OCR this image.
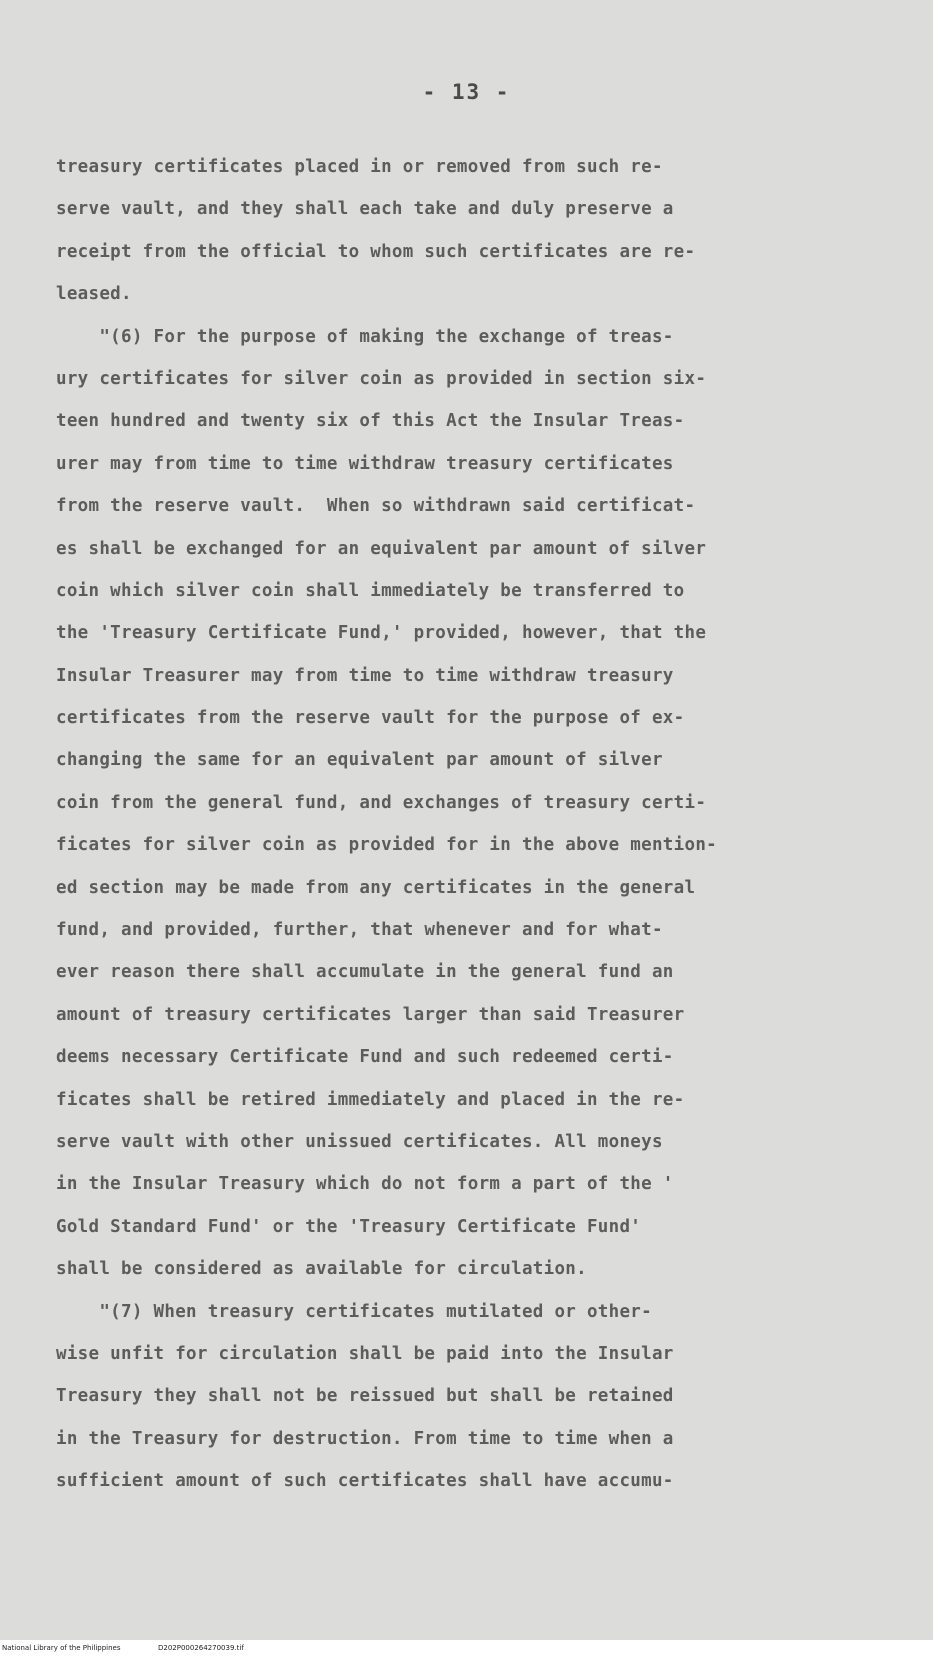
- 13 -
treasury certificates placed in or removed from such re-
serve vault, and they shall each take and duly preserve a
receipt from the official to whom such certificates are re-
leased.
"(6) For the purpose of making the exchange of treas-
ury certificates for silver coin as provided in section six-
teen hundred and twenty six of this Act the Insular Treas-
urer may from time to time withdraw treasury certificates
from the reserve vault.  When so withdrawn said certificat-
es shall be exchanged for an equivalent par amount of silver
coin which silver coin shall immediately be transferred to
the 'Treasury Certificate Fund,' provided, however, that the
Insular Treasurer may from time to time withdraw treasury
certificates from the reserve vault for the purpose of ex-
changing the same for an equivalent par amount of silver
coin from the general fund, and exchanges of treasury certi-
ficates for silver coin as provided for in the above mention-
ed section may be made from any certificates in the general
fund, and provided, further, that whenever and for what-
ever reason there shall accumulate in the general fund an
amount of treasury certificates larger than said Treasurer
deems necessary Certificate Fund and such redeemed certi-
ficates shall be retired immediately and placed in the re-
serve vault with other unissued certificates. All moneys
in the Insular Treasury which do not form a part of the '
Gold Standard Fund' or the 'Treasury Certificate Fund'
shall be considered as available for circulation.
"(7) When treasury certificates mutilated or other-
wise unfit for circulation shall be paid into the Insular
Treasury they shall not be reissued but shall be retained
in the Treasury for destruction. From time to time when a
sufficient amount of such certificates shall have accumu-
National Library of the Philippines	D202P000264270039.tif
